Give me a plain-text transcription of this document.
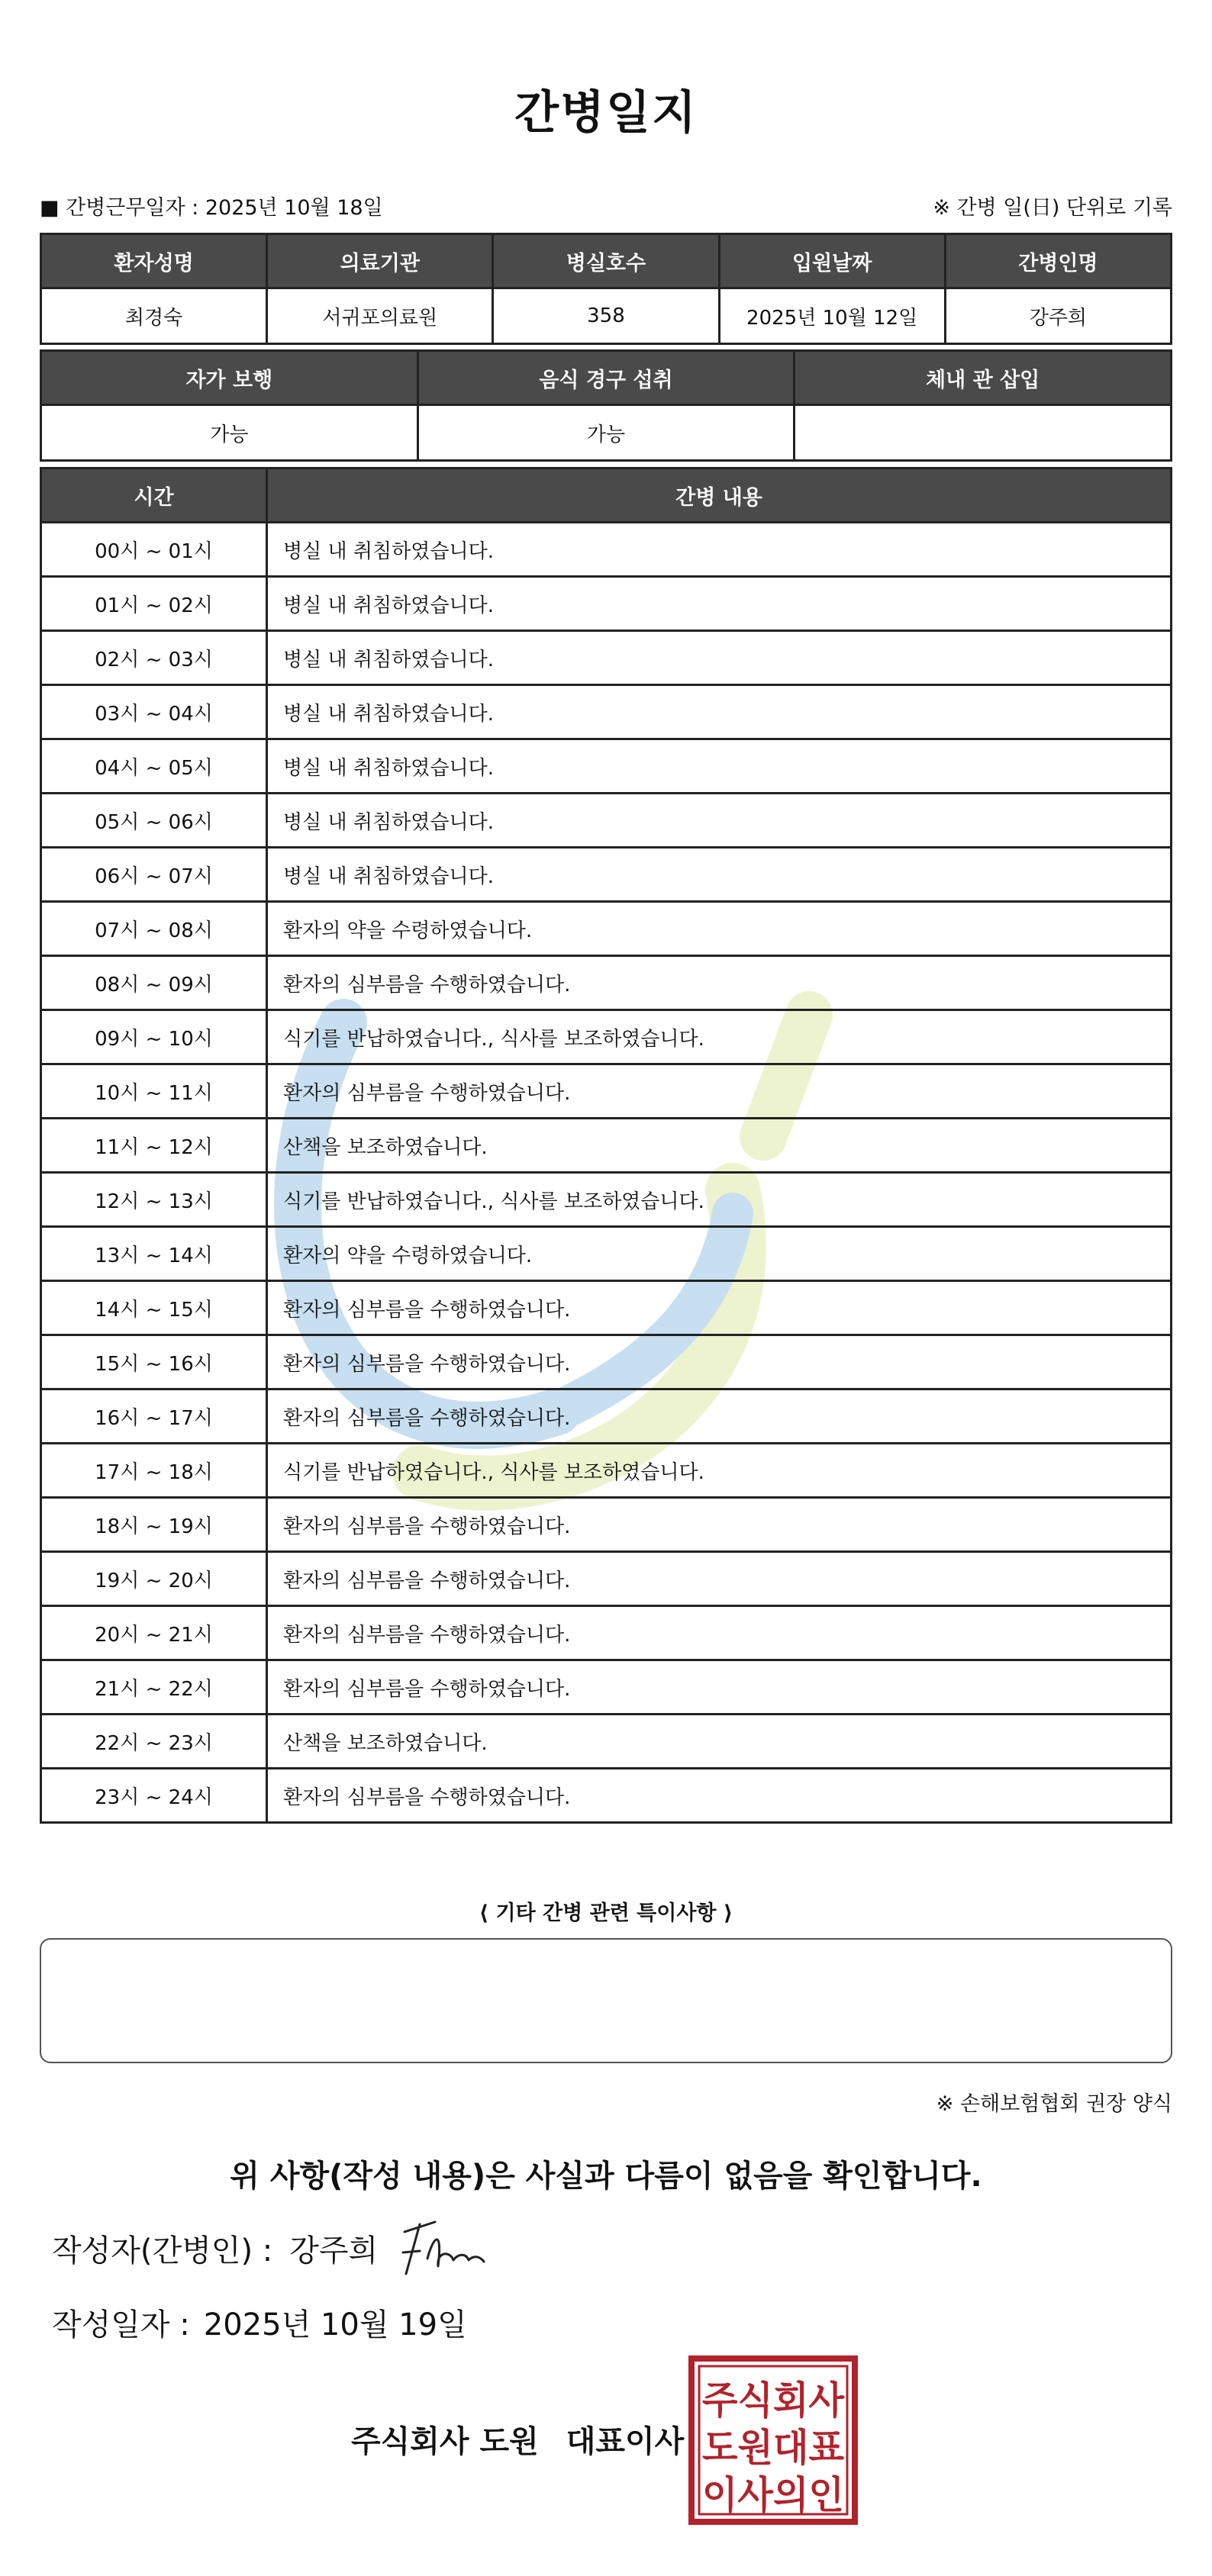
간병일지
■ 간병근무일자 : 2025년 10월 18일	※ 간병 일(日) 단위로 기록
환자성명	의료기관	병실호수	입원날짜	간병인명
최경숙	서귀포의료원	358	2025년 10월 12일	강주희
자가 보행	음식 경구 섭취	체내 관 삽입
가능	가능	
시간	간병 내용
00시 ~ 01시	병실 내 취침하였습니다.
01시 ~ 02시	병실 내 취침하였습니다.
02시 ~ 03시	병실 내 취침하였습니다.
03시 ~ 04시	병실 내 취침하였습니다.
04시 ~ 05시	병실 내 취침하였습니다.
05시 ~ 06시	병실 내 취침하였습니다.
06시 ~ 07시	병실 내 취침하였습니다.
07시 ~ 08시	환자의 약을 수령하였습니다.
08시 ~ 09시	환자의 심부름을 수행하였습니다.
09시 ~ 10시	식기를 반납하였습니다., 식사를 보조하였습니다.
10시 ~ 11시	환자의 심부름을 수행하였습니다.
11시 ~ 12시	산책을 보조하였습니다.
12시 ~ 13시	식기를 반납하였습니다., 식사를 보조하였습니다.
13시 ~ 14시	환자의 약을 수령하였습니다.
14시 ~ 15시	환자의 심부름을 수행하였습니다.
15시 ~ 16시	환자의 심부름을 수행하였습니다.
16시 ~ 17시	환자의 심부름을 수행하였습니다.
17시 ~ 18시	식기를 반납하였습니다., 식사를 보조하였습니다.
18시 ~ 19시	환자의 심부름을 수행하였습니다.
19시 ~ 20시	환자의 심부름을 수행하였습니다.
20시 ~ 21시	환자의 심부름을 수행하였습니다.
21시 ~ 22시	환자의 심부름을 수행하였습니다.
22시 ~ 23시	산책을 보조하였습니다.
23시 ~ 24시	환자의 심부름을 수행하였습니다.
⟨ 기타 간병 관련 특이사항 ⟩
※ 손해보험협회 권장 양식
위 사항(작성 내용)은 사실과 다름이 없음을 확인합니다.
작성자(간병인) : 강주희
작성일자 : 2025년 10월 19일
주식회사 도원 대표이사
주식회사
도원대표
이사의인
